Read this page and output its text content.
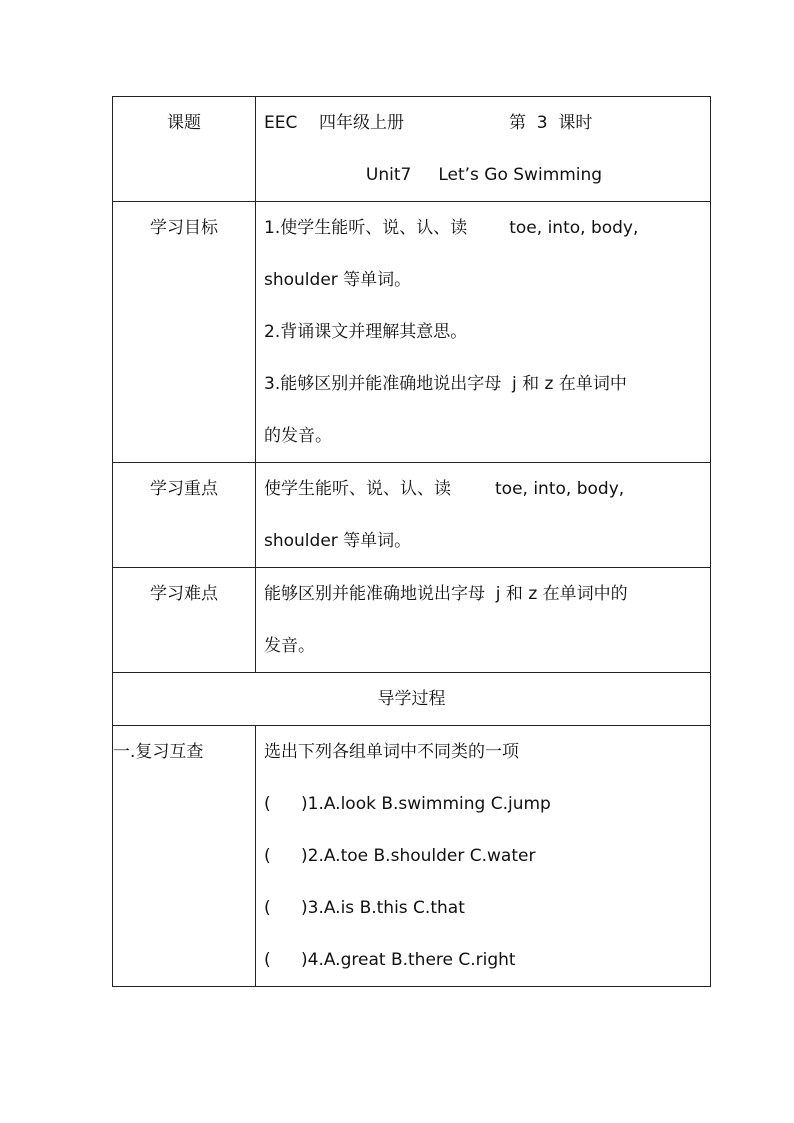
课题	EEC    四年级上册 第  3  课时
Unit7     Let’s Go Swimming

学习目标	1.使学生能听、说、认、读 toe, into, body,
shoulder 等单词。
2.背诵课文并理解其意思。
3.能够区别并能准确地说出字母  j 和 z 在单词中
的发音。

学习重点	使学生能听、说、认、读 toe, into, body,
shoulder 等单词。

学习难点	能够区别并能准确地说出字母  j 和 z 在单词中的
发音。

导学过程	

一.复习互查	选出下列各组单词中不同类的一项
( )1.A.look B.swimming C.jump
( )2.A.toe B.shoulder C.water
( )3.A.is B.this C.that
( )4.A.great B.there C.right
